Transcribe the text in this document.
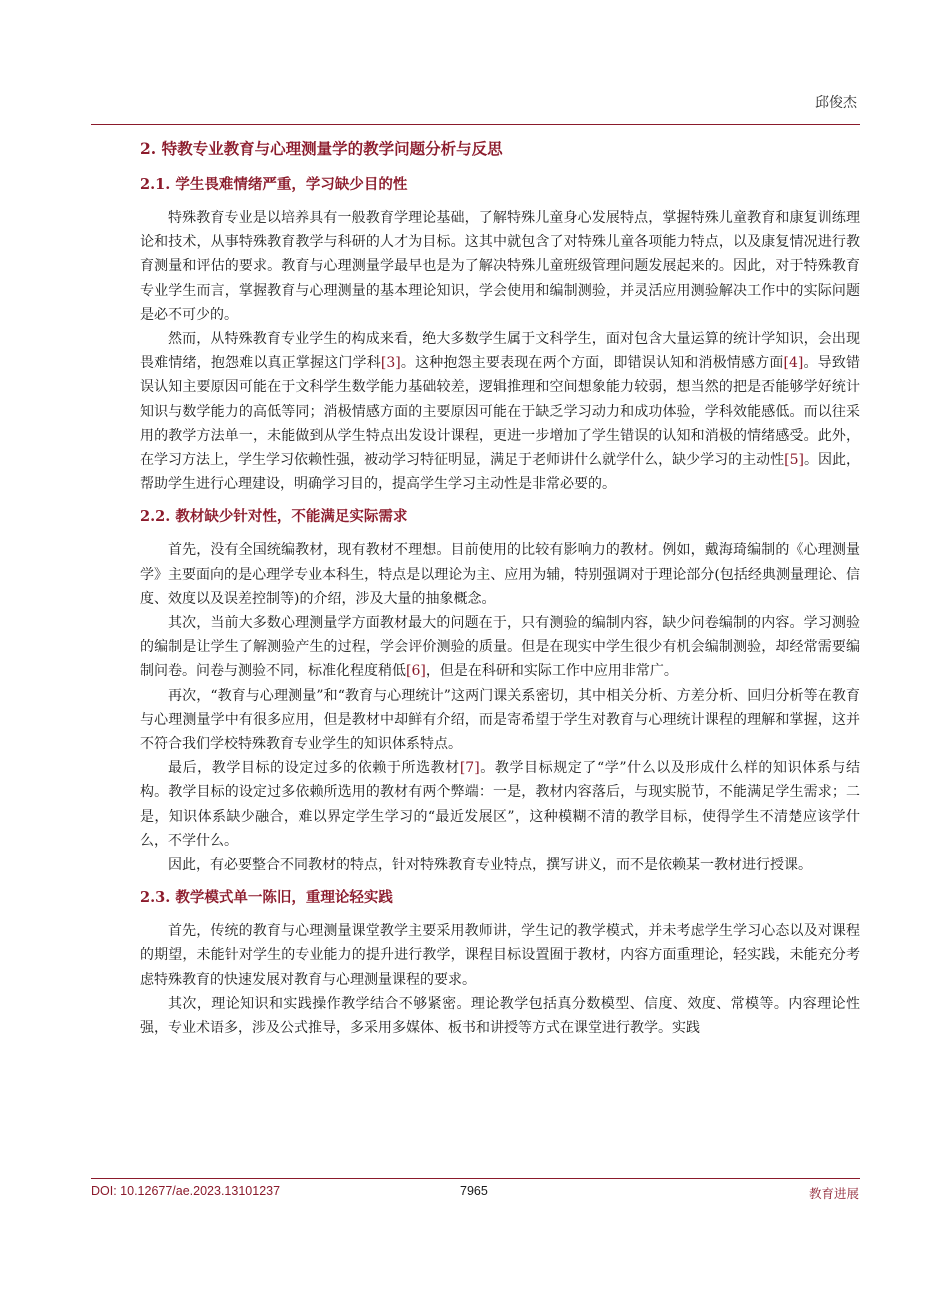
邱俊杰
2. 特教专业教育与心理测量学的教学问题分析与反思
2.1. 学生畏难情绪严重，学习缺少目的性

特殊教育专业是以培养具有一般教育学理论基础，了解特殊儿童身心发展特点，掌握特殊儿童教育和康复训练理论和技术，从事特殊教育教学与科研的人才为目标。这其中就包含了对特殊儿童各项能力特点，以及康复情况进行教育测量和评估的要求。教育与心理测量学最早也是为了解决特殊儿童班级管理问题发展起来的。因此，对于特殊教育专业学生而言，掌握教育与心理测量的基本理论知识，学会使用和编制测验，并灵活应用测验解决工作中的实际问题是必不可少的。

然而，从特殊教育专业学生的构成来看，绝大多数学生属于文科学生，面对包含大量运算的统计学知识，会出现畏难情绪，抱怨难以真正掌握这门学科[3]。这种抱怨主要表现在两个方面，即错误认知和消极情感方面[4]。导致错误认知主要原因可能在于文科学生数学能力基础较差，逻辑推理和空间想象能力较弱，想当然的把是否能够学好统计知识与数学能力的高低等同；消极情感方面的主要原因可能在于缺乏学习动力和成功体验，学科效能感低。而以往采用的教学方法单一，未能做到从学生特点出发设计课程，更进一步增加了学生错误的认知和消极的情绪感受。此外，在学习方法上，学生学习依赖性强，被动学习特征明显，满足于老师讲什么就学什么，缺少学习的主动性[5]。因此，帮助学生进行心理建设，明确学习目的，提高学生学习主动性是非常必要的。

2.2. 教材缺少针对性，不能满足实际需求

首先，没有全国统编教材，现有教材不理想。目前使用的比较有影响力的教材。例如，戴海琦编制的《心理测量学》主要面向的是心理学专业本科生，特点是以理论为主、应用为辅，特别强调对于理论部分(包括经典测量理论、信度、效度以及误差控制等)的介绍，涉及大量的抽象概念。

其次，当前大多数心理测量学方面教材最大的问题在于，只有测验的编制内容，缺少问卷编制的内容。学习测验的编制是让学生了解测验产生的过程，学会评价测验的质量。但是在现实中学生很少有机会编制测验，却经常需要编制问卷。问卷与测验不同，标准化程度稍低[6]，但是在科研和实际工作中应用非常广。

再次，“教育与心理测量”和“教育与心理统计”这两门课关系密切，其中相关分析、方差分析、回归分析等在教育与心理测量学中有很多应用，但是教材中却鲜有介绍，而是寄希望于学生对教育与心理统计课程的理解和掌握，这并不符合我们学校特殊教育专业学生的知识体系特点。

最后，教学目标的设定过多的依赖于所选教材[7]。教学目标规定了“学”什么以及形成什么样的知识体系与结构。教学目标的设定过多依赖所选用的教材有两个弊端：一是，教材内容落后，与现实脱节，不能满足学生需求；二是，知识体系缺少融合，难以界定学生学习的“最近发展区”，这种模糊不清的教学目标，使得学生不清楚应该学什么，不学什么。

因此，有必要整合不同教材的特点，针对特殊教育专业特点，撰写讲义，而不是依赖某一教材进行授课。

2.3. 教学模式单一陈旧，重理论轻实践

首先，传统的教育与心理测量课堂教学主要采用教师讲，学生记的教学模式，并未考虑学生学习心态以及对课程的期望，未能针对学生的专业能力的提升进行教学，课程目标设置囿于教材，内容方面重理论，轻实践，未能充分考虑特殊教育的快速发展对教育与心理测量课程的要求。

其次，理论知识和实践操作教学结合不够紧密。理论教学包括真分数模型、信度、效度、常模等。内容理论性强，专业术语多，涉及公式推导，多采用多媒体、板书和讲授等方式在课堂进行教学。实践

DOI: 10.12677/ae.2023.13101237	7965	教育进展
